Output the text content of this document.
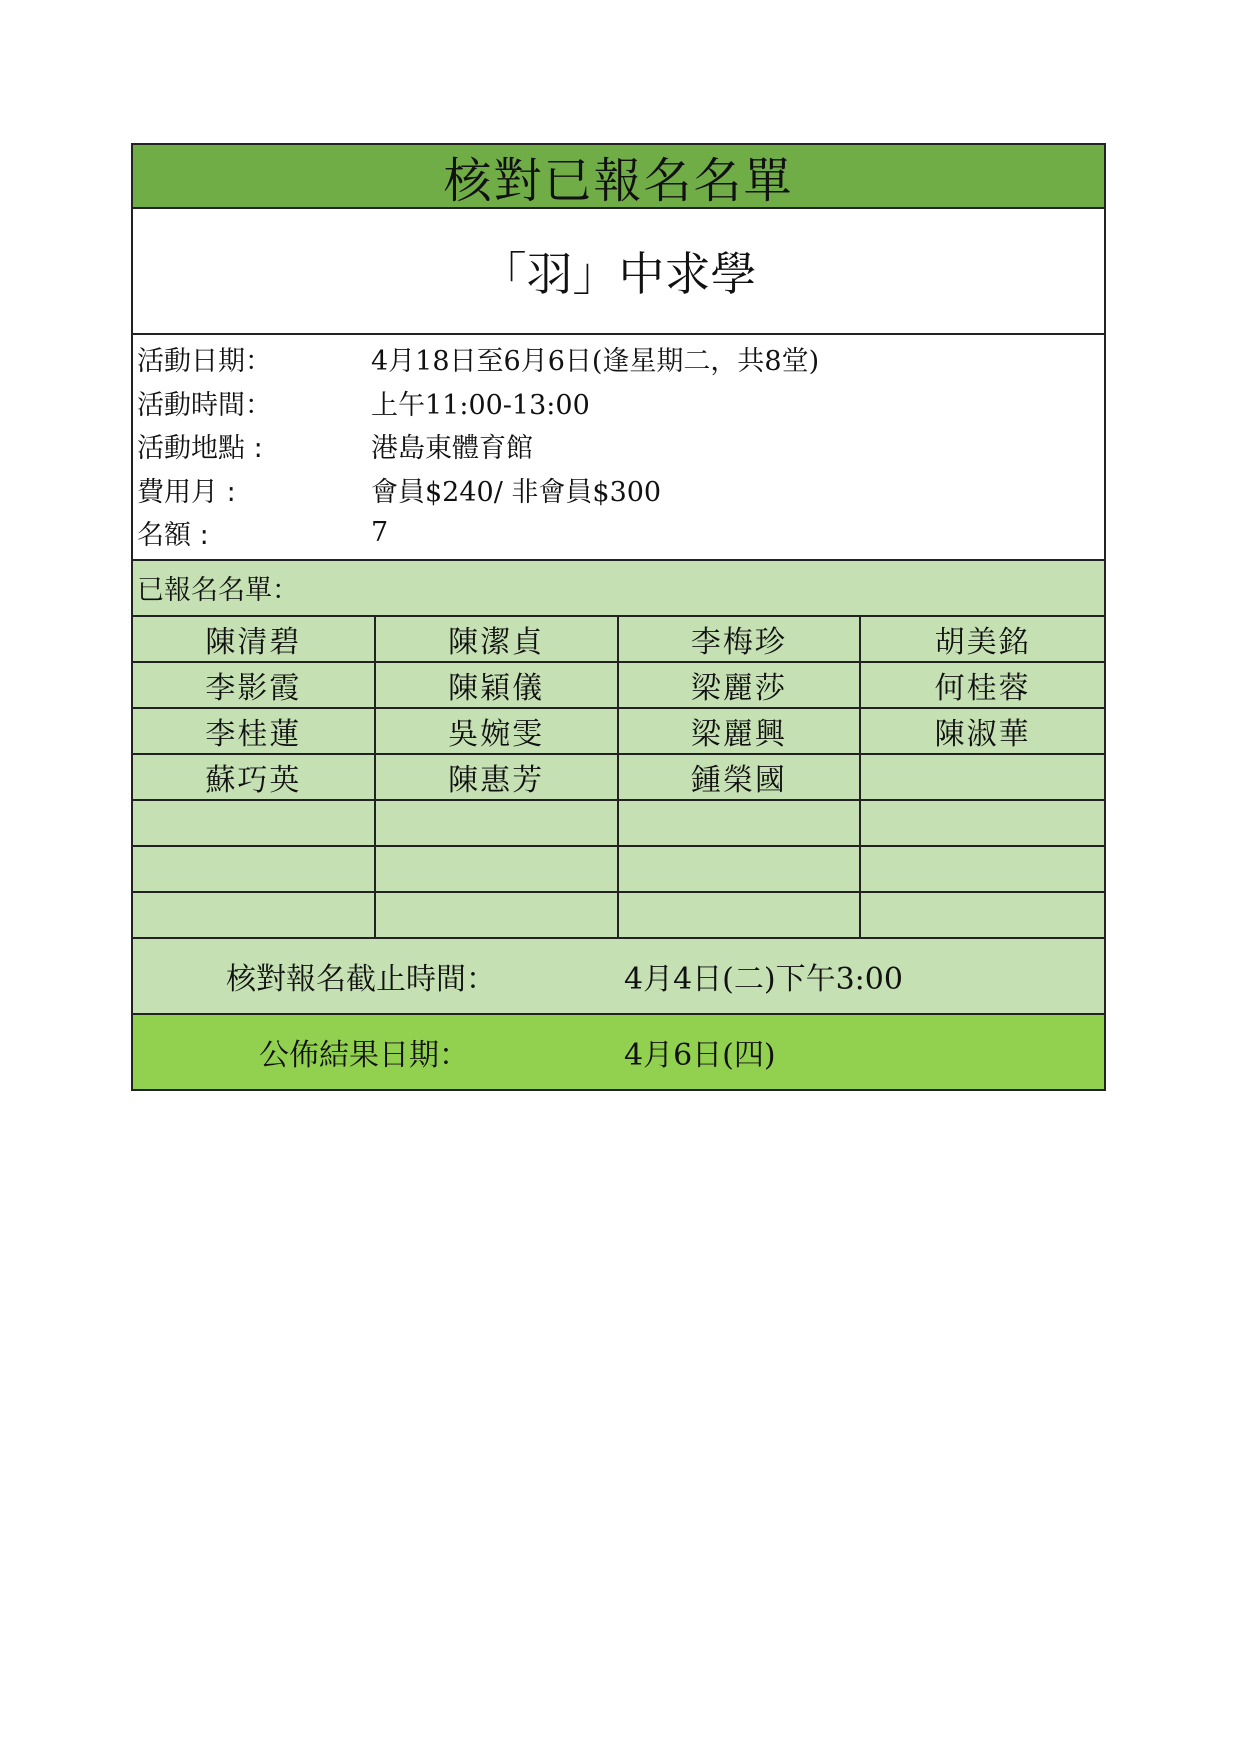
核對已報名名單
「羽」中求學
活動日期：	4月18日至6月6日(逢星期二，共8堂)
活動時間：	上午11:00-13:00
活動地點 :	港島東體育館
費用月 :	會員$240/ 非會員$300
名額 :	7
已報名名單：
陳清碧	陳潔貞	李梅珍	胡美銘
李影霞	陳穎儀	梁麗莎	何桂蓉
李桂蓮	吳婉雯	梁麗興	陳淑華
蘇巧英	陳惠芳	鍾榮國
核對報名截止時間：	4月4日(二)下午3:00
公佈結果日期：	4月6日(四)
